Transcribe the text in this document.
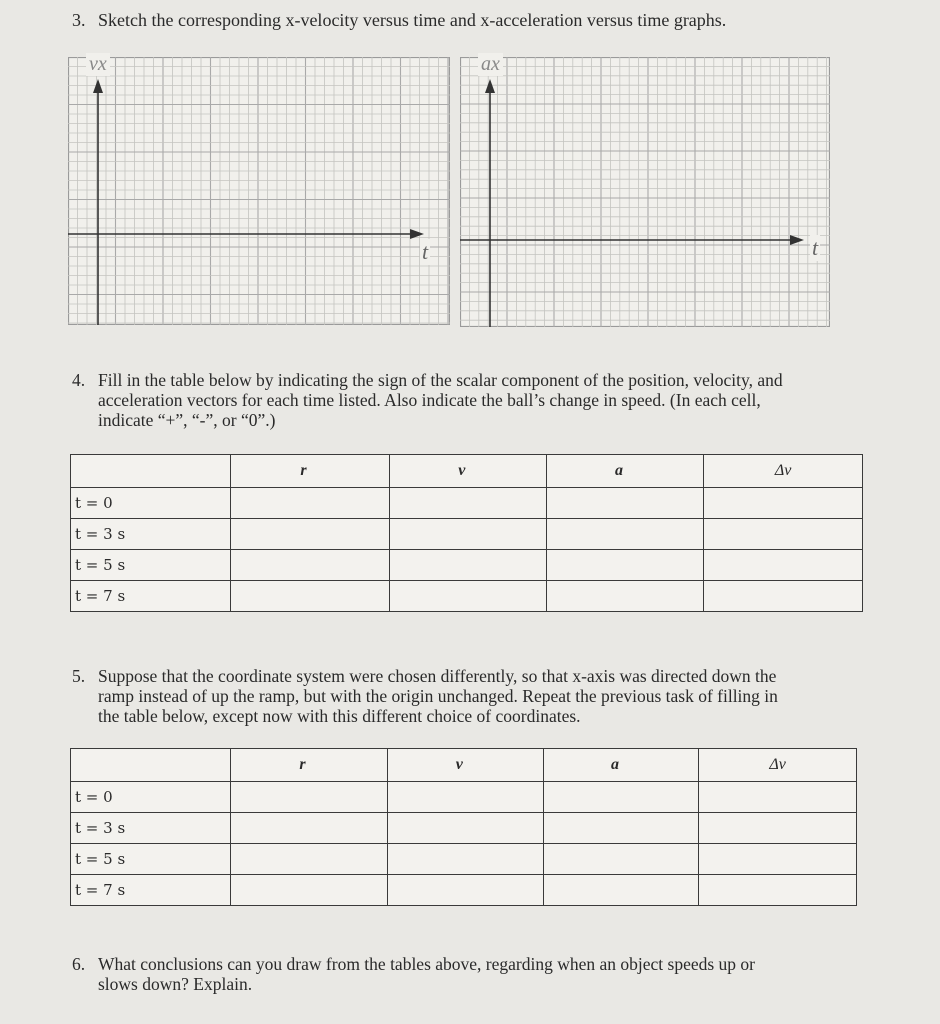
3. Sketch the corresponding x-velocity versus time and x-acceleration versus time graphs.
vx
t
ax
t
4. Fill in the table below by indicating the sign of the scalar component of the position, velocity, and
acceleration vectors for each time listed. Also indicate the ball’s change in speed. (In each cell,
indicate “+”, “-”, or “0”.)
	r⃗	v⃗	a⃗	Δv
t = 0				
t = 3 s				
t = 5 s				
t = 7 s				
5. Suppose that the coordinate system were chosen differently, so that x-axis was directed down the
ramp instead of up the ramp, but with the origin unchanged. Repeat the previous task of filling in
the table below, except now with this different choice of coordinates.
	r⃗	v⃗	a⃗	Δv
t = 0				
t = 3 s				
t = 5 s				
t = 7 s				
6. What conclusions can you draw from the tables above, regarding when an object speeds up or
slows down? Explain.
